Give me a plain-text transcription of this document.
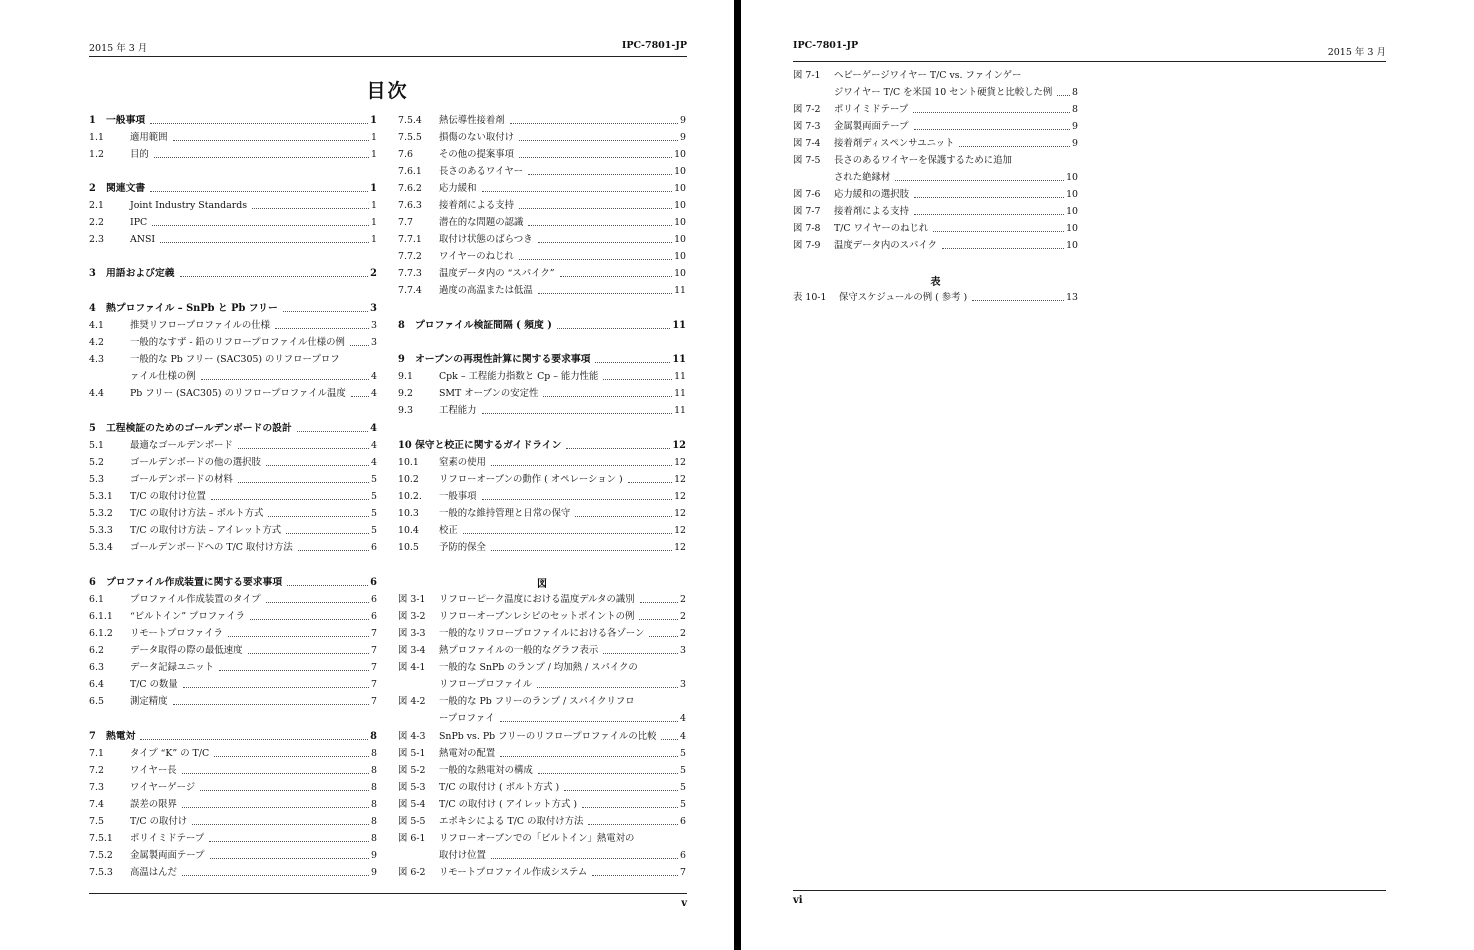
2015 年 3 月	IPC-7801-JP
目次
1	一般事項	1
1.1	適用範囲	1
1.2	目的	1
2	関連文書	1
2.1	Joint Industry Standards	1
2.2	IPC	1
2.3	ANSI	1
3	用語および定義	2
4	熱プロファイル – SnPb と Pb フリー	3
4.1	推奨リフロープロファイルの仕様	3
4.2	一般的なすず - 鉛のリフロープロファイル仕様の例	3
4.3	一般的な Pb フリー (SAC305) のリフロープロフ
ァイル仕様の例	4
4.4	Pb フリー (SAC305) のリフロープロファイル温度	4
5	工程検証のためのゴールデンボードの設計	4
5.1	最適なゴールデンボード	4
5.2	ゴールデンボードの他の選択肢	4
5.3	ゴールデンボードの材料	5
5.3.1	T/C の取付け位置	5
5.3.2	T/C の取付け方法 – ボルト方式	5
5.3.3	T/C の取付け方法 – アイレット方式	5
5.3.4	ゴールデンボードへの T/C 取付け方法	6
6	プロファイル作成装置に関する要求事項	6
6.1	プロファイル作成装置のタイプ	6
6.1.1	“ビルトイン” プロファイラ	6
6.1.2	リモートプロファイラ	7
6.2	データ取得の際の最低速度	7
6.3	データ記録ユニット	7
6.4	T/C の数量	7
6.5	測定精度	7
7	熱電対	8
7.1	タイプ “K” の T/C	8
7.2	ワイヤー長	8
7.3	ワイヤーゲージ	8
7.4	誤差の限界	8
7.5	T/C の取付け	8
7.5.1	ポリイミドテープ	8
7.5.2	金属製両面テープ	9
7.5.3	高温はんだ	9
7.5.4	熱伝導性接着剤	9
7.5.5	損傷のない取付け	9
7.6	その他の提案事項	10
7.6.1	長さのあるワイヤー	10
7.6.2	応力緩和	10
7.6.3	接着剤による支持	10
7.7	潜在的な問題の認識	10
7.7.1	取付け状態のばらつき	10
7.7.2	ワイヤーのねじれ	10
7.7.3	温度データ内の “スパイク”	10
7.7.4	過度の高温または低温	11
8	プロファイル検証間隔 ( 頻度 )	11
9	オーブンの再現性計算に関する要求事項	11
9.1	Cpk – 工程能力指数と Cp – 能力性能	11
9.2	SMT オーブンの安定性	11
9.3	工程能力	11
10 保守と校正に関するガイドライン	12
10.1	窒素の使用	12
10.2	リフローオーブンの動作 ( オペレーション )	12
10.2.	一般事項	12
10.3	一般的な維持管理と日常の保守	12
10.4	校正	12
10.5	予防的保全	12
図
図 3-1	リフローピーク温度における温度デルタの識別	2
図 3-2	リフローオーブンレシピのセットポイントの例	2
図 3-3	一般的なリフロープロファイルにおける各ゾーン	2
図 3-4	熱プロファイルの一般的なグラフ表示	3
図 4-1	一般的な SnPb のランプ / 均加熱 / スパイクの
リフロープロファイル	3
図 4-2	一般的な Pb フリーのランプ / スパイクリフロ
ープロファイ	4
図 4-3	SnPb vs. Pb フリーのリフロープロファイルの比較	4
図 5-1	熱電対の配置	5
図 5-2	一般的な熱電対の構成	5
図 5-3	T/C の取付け ( ボルト方式 )	5
図 5-4	T/C の取付け ( アイレット方式 )	5
図 5-5	エポキシによる T/C の取付け方法	6
図 6-1	リフローオーブンでの「ビルトイン」熱電対の
取付け位置	6
図 6-2	リモートプロファイル作成システム	7
v
IPC-7801-JP
2015 年 3 月
図 7-1	ヘビーゲージワイヤー T/C vs. ファインゲー
ジワイヤー T/C を米国 10 セント硬貨と比較した例	8
図 7-2	ポリイミドテープ	8
図 7-3	金属製両面テープ	9
図 7-4	接着剤ディスペンサユニット	9
図 7-5	長さのあるワイヤーを保護するために追加
された絶縁材	10
図 7-6	応力緩和の選択肢	10
図 7-7	接着剤による支持	10
図 7-8	T/C ワイヤーのねじれ	10
図 7-9	温度データ内のスパイク	10
表
表 10-1	保守スケジュールの例 ( 参考 )	13
vi
